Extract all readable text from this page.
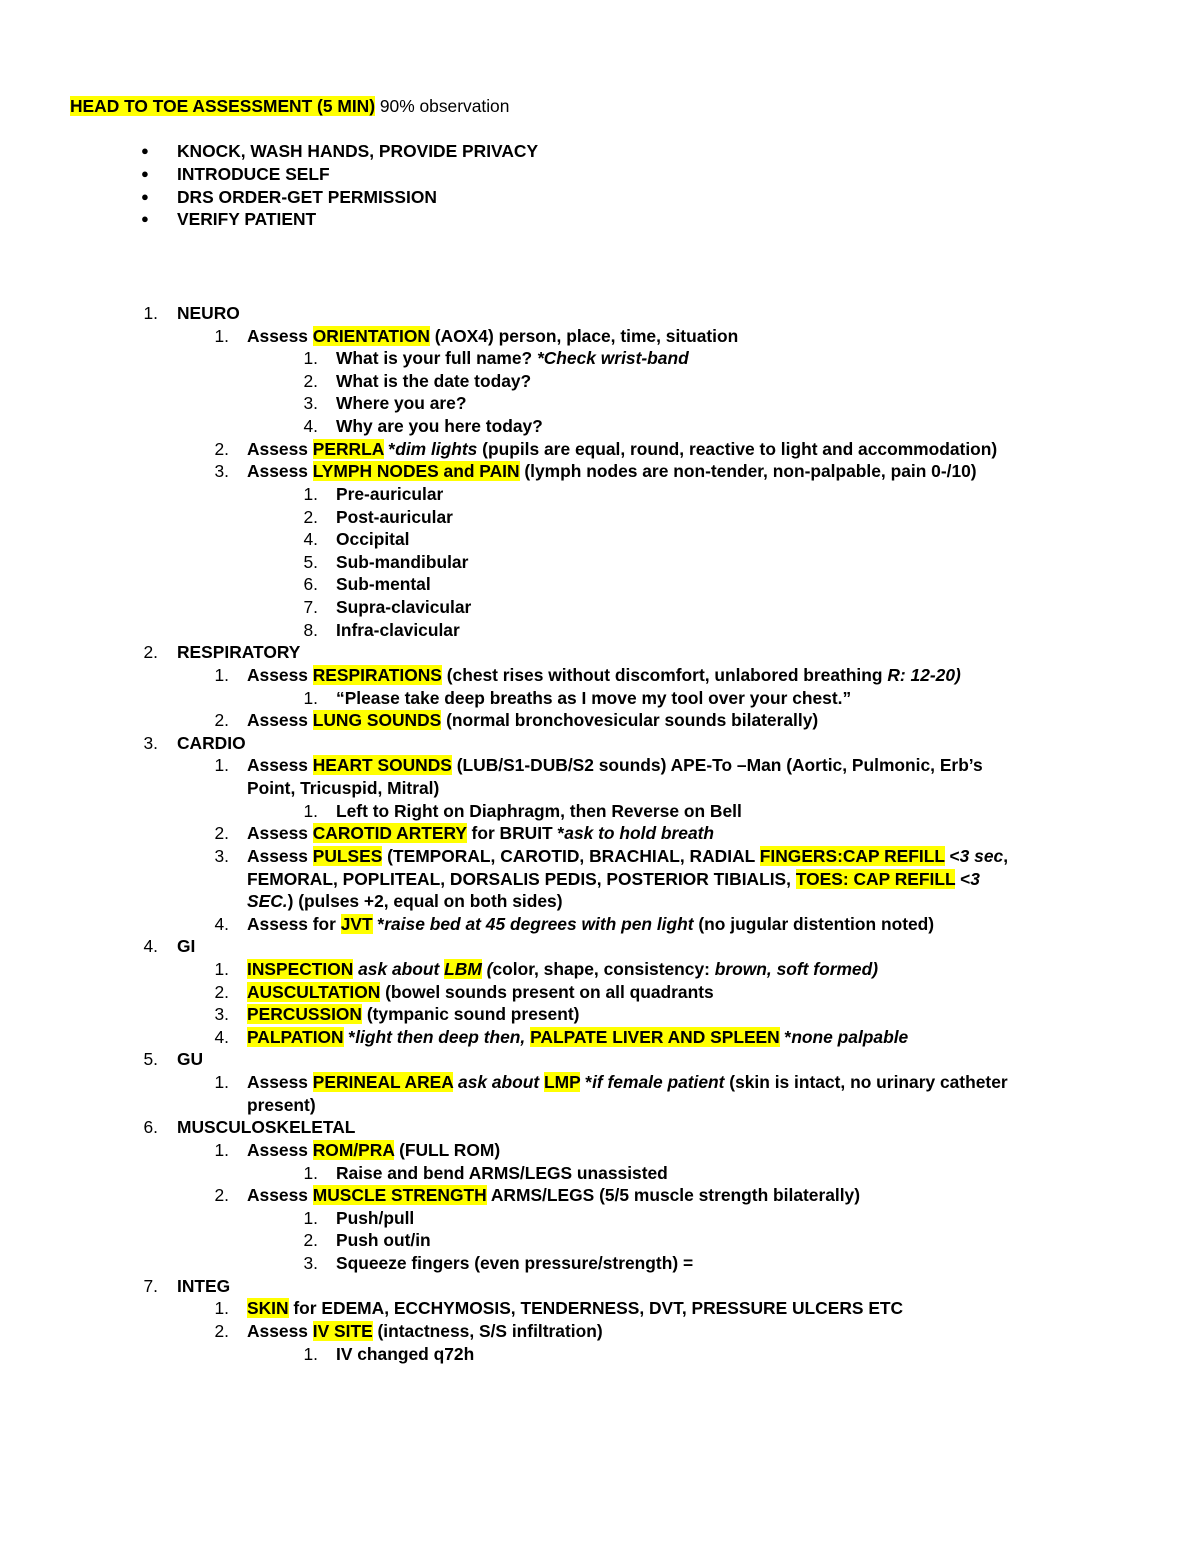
HEAD TO TOE ASSESSMENT (5 MIN) 90% observation
● KNOCK, WASH HANDS, PROVIDE PRIVACY
● INTRODUCE SELF
● DRS ORDER-GET PERMISSION
● VERIFY PATIENT
1. NEURO
1. Assess ORIENTATION (AOX4) person, place, time, situation
1. What is your full name? *Check wrist-band
2. What is the date today?
3. Where you are?
4. Why are you here today?
2. Assess PERRLA *dim lights (pupils are equal, round, reactive to light and accommodation)
3. Assess LYMPH NODES and PAIN (lymph nodes are non-tender, non-palpable, pain 0-/10)
1. Pre-auricular
2. Post-auricular
4. Occipital
5. Sub-mandibular
6. Sub-mental
7. Supra-clavicular
8. Infra-clavicular
2. RESPIRATORY
1. Assess RESPIRATIONS (chest rises without discomfort, unlabored breathing R: 12-20)
1. “Please take deep breaths as I move my tool over your chest.”
2. Assess LUNG SOUNDS (normal bronchovesicular sounds bilaterally)
3. CARDIO
1. Assess HEART SOUNDS (LUB/S1-DUB/S2 sounds) APE-To –Man (Aortic, Pulmonic, Erb’s
Point, Tricuspid, Mitral)
1. Left to Right on Diaphragm, then Reverse on Bell
2. Assess CAROTID ARTERY for BRUIT *ask to hold breath
3. Assess PULSES (TEMPORAL, CAROTID, BRACHIAL, RADIAL FINGERS:CAP REFILL <3 sec,
FEMORAL, POPLITEAL, DORSALIS PEDIS, POSTERIOR TIBIALIS, TOES: CAP REFILL <3
SEC.) (pulses +2, equal on both sides)
4. Assess for JVT *raise bed at 45 degrees with pen light (no jugular distention noted)
4. GI
1. INSPECTION ask about LBM (color, shape, consistency: brown, soft formed)
2. AUSCULTATION (bowel sounds present on all quadrants
3. PERCUSSION (tympanic sound present)
4. PALPATION *light then deep then, PALPATE LIVER AND SPLEEN *none palpable
5. GU
1. Assess PERINEAL AREA ask about LMP *if female patient (skin is intact, no urinary catheter
present)
6. MUSCULOSKELETAL
1. Assess ROM/PRA (FULL ROM)
1. Raise and bend ARMS/LEGS unassisted
2. Assess MUSCLE STRENGTH ARMS/LEGS (5/5 muscle strength bilaterally)
1. Push/pull
2. Push out/in
3. Squeeze fingers (even pressure/strength) =
7. INTEG
1. SKIN for EDEMA, ECCHYMOSIS, TENDERNESS, DVT, PRESSURE ULCERS ETC
2. Assess IV SITE (intactness, S/S infiltration)
1. IV changed q72h
